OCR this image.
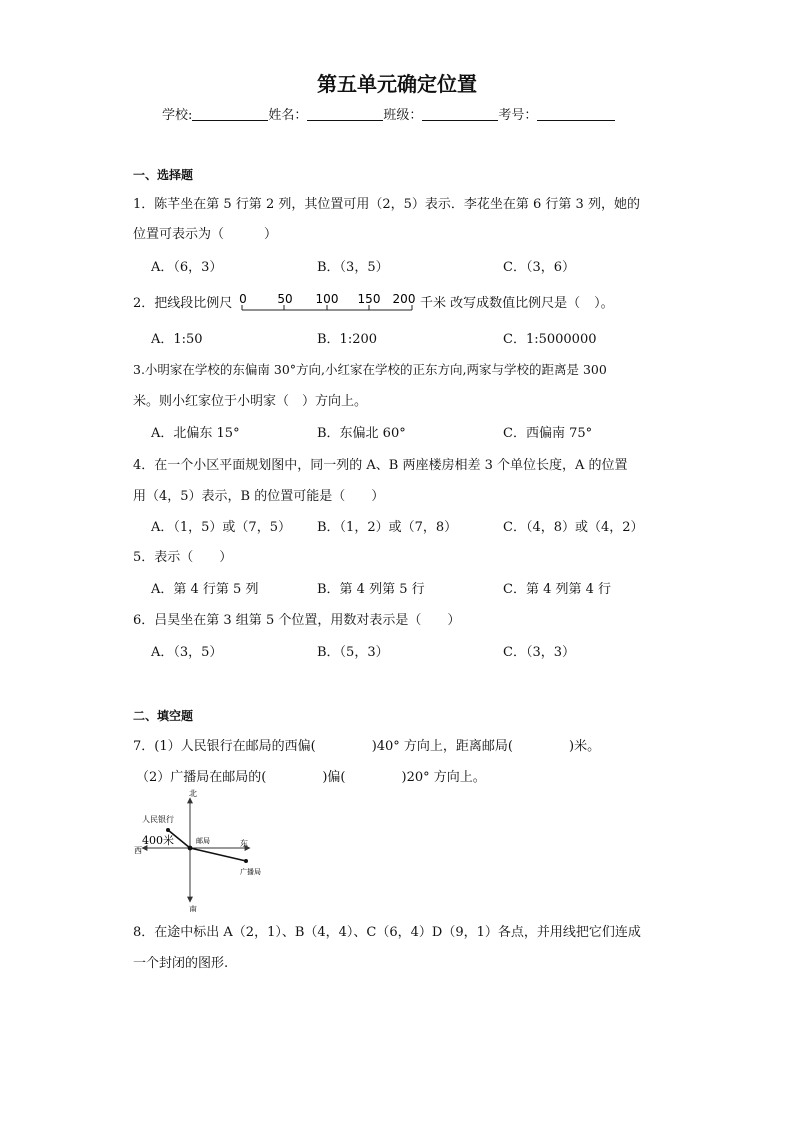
第五单元确定位置
学校:	姓名：	班级：	考号：
一、选择题
1．陈芊坐在第 5 行第 2 列，其位置可用（2，5）表示．李花坐在第 6 行第 3 列，她的
位置可表示为（	）
A．（6，3）	B．（3，5）	C．（3，6）
2．把线段比例尺 0	50 100 150 200 千米 改写成数值比例尺是（ ）。
A．1:50	B．1:200	C．1:5000000
3.小明家在学校的东偏南 30°方向,小红家在学校的正东方向,两家与学校的距离是 300
米。则小红家位于小明家（　）方向上。
A．北偏东 15°	B．东偏北 60°	C．西偏南 75°
4．在一个小区平面规划图中，同一列的 A、B 两座楼房相差 3 个单位长度，A 的位置
用（4，5）表示，B 的位置可能是（　　）
A．（1，5）或（7，5） B．（1，2）或（7，8）	C．（4，8）或（4，2）
5．表示（　　）
A．第 4 行第 5 列	B．第 4 列第 5 行	C．第 4 列第 4 行
6．吕昊坐在第 3 组第 5 个位置，用数对表示是（　　）
A．（3，5）	B．（5，3）	C．（3，3）
二、填空题
7．(1）人民银行在邮局的西偏(	)40° 方向上，距离邮局(	)米。
（2）广播局在邮局的(	)偏(	)20° 方向上。
北
南
东
西
人民银行
400米	邮局
广播局
8．在途中标出 A（2，1）、B（4，4）、C（6，4）D（9，1）各点，并用线把它们连成
一个封闭的图形.
